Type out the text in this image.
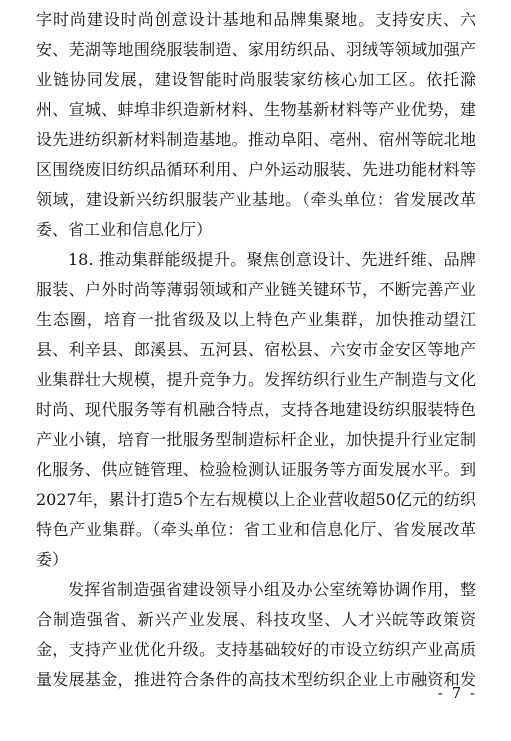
字时尚建设时尚创意设计基地和品牌集聚地。支持安庆、六
安、芜湖等地围绕服装制造、家用纺织品、羽绒等领域加强产
业链协同发展，建设智能时尚服装家纺核心加工区。依托滁
州、宣城、蚌埠非织造新材料、生物基新材料等产业优势，建
设先进纺织新材料制造基地。推动阜阳、亳州、宿州等皖北地
区围绕废旧纺织品循环利用、户外运动服装、先进功能材料等
领域，建设新兴纺织服装产业基地。（牵头单位：省发展改革
委、省工业和信息化厅）
18. 推动集群能级提升。聚焦创意设计、先进纤维、品牌
服装、户外时尚等薄弱领域和产业链关键环节，不断完善产业
生态圈，培育一批省级及以上特色产业集群，加快推动望江
县、利辛县、郎溪县、五河县、宿松县、六安市金安区等地产
业集群壮大规模，提升竞争力。发挥纺织行业生产制造与文化
时尚、现代服务等有机融合特点，支持各地建设纺织服装特色
产业小镇，培育一批服务型制造标杆企业，加快提升行业定制
化服务、供应链管理、检验检测认证服务等方面发展水平。到
2027年，累计打造5个左右规模以上企业营收超50亿元的纺织
特色产业集群。（牵头单位：省工业和信息化厅、省发展改革
委）
发挥省制造强省建设领导小组及办公室统筹协调作用，整
合制造强省、新兴产业发展、科技攻坚、人才兴皖等政策资
金，支持产业优化升级。支持基础较好的市设立纺织产业高质
量发展基金，推进符合条件的高技术型纺织企业上市融资和发
- 7 -
